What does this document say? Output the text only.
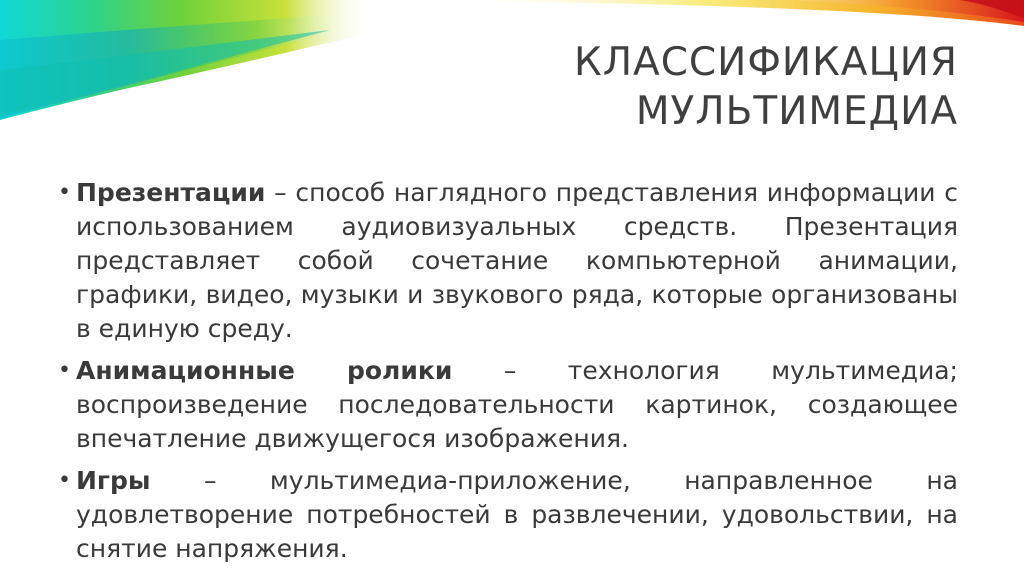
КЛАССИФИКАЦИЯ
МУЛЬТИМЕДИА
• Презентации – способ наглядного представления информации с использованием аудиовизуальных средств. Презентация представляет собой сочетание компьютерной анимации, графики, видео, музыки и звукового ряда, которые организованы в единую среду.
• Анимационные ролики – технология мультимедиа; воспроизведение последовательности картинок, создающее впечатление движущегося изображения.
• Игры – мультимедиа-приложение, направленное на удовлетворение потребностей в развлечении, удовольствии, на снятие напряжения.
